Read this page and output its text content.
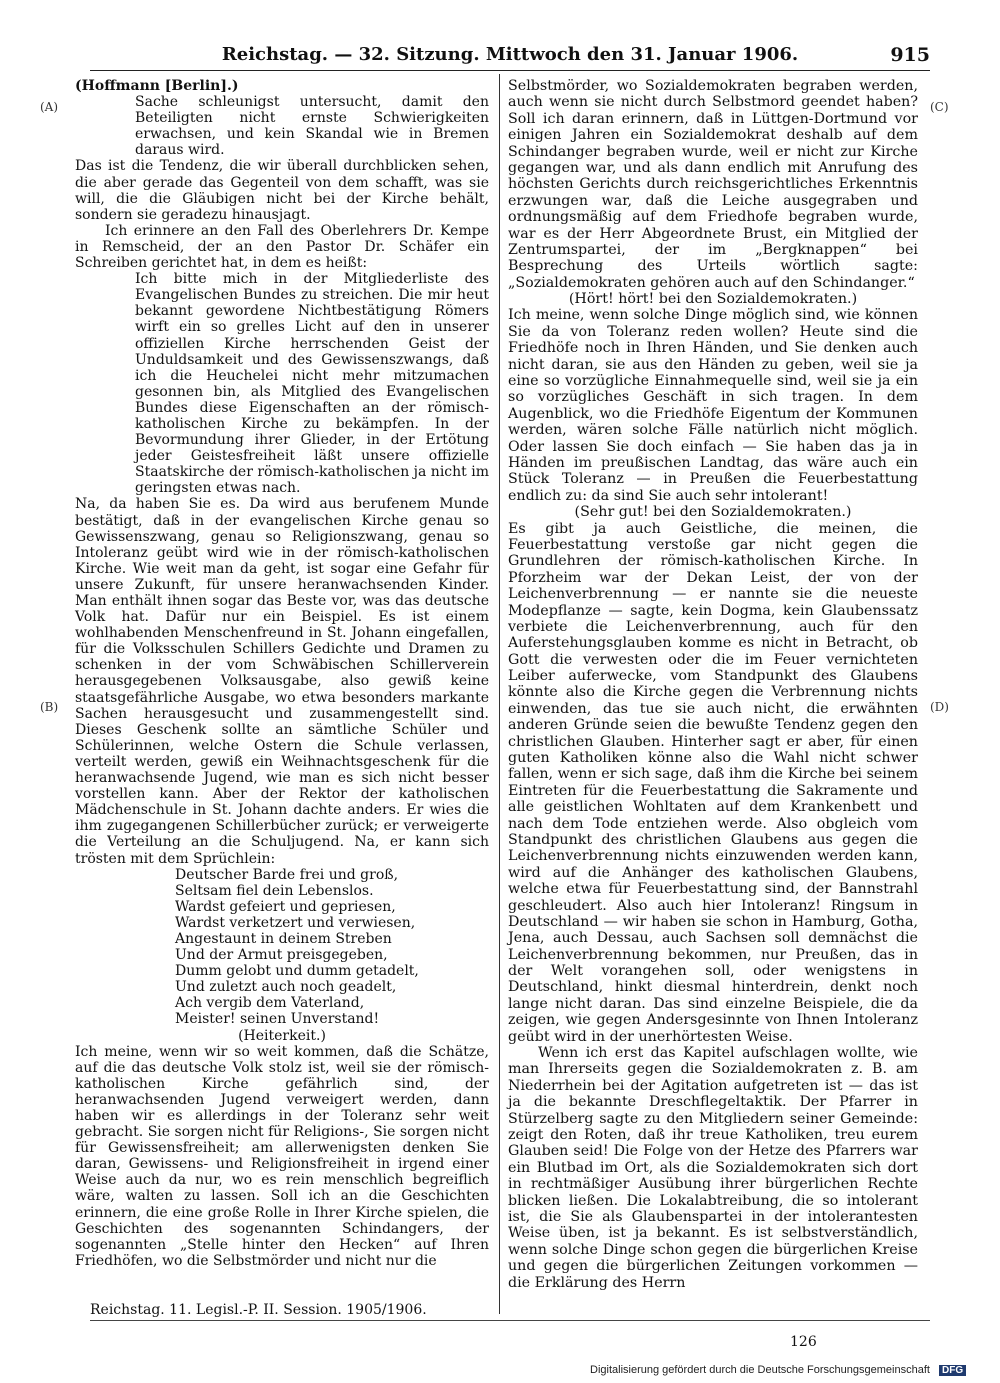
Reichstag. — 32. Sitzung. Mittwoch den 31. Januar 1906.	915
(A)
(B)
(C)
(D)

(Hoffmann [Berlin].)

Sache schleunigst untersucht, damit den Beteiligten nicht ernste Schwierigkeiten erwachsen, und kein Skandal wie in Bremen daraus wird.

Das ist die Tendenz, die wir überall durchblicken sehen, die aber gerade das Gegenteil von dem schafft, was sie will, die die Gläubigen nicht bei der Kirche behält, sondern sie geradezu hinausjagt.

Ich erinnere an den Fall des Oberlehrers Dr. Kempe in Remscheid, der an den Pastor Dr. Schäfer ein Schreiben gerichtet hat, in dem es heißt:

Ich bitte mich in der Mitgliederliste des Evangelischen Bundes zu streichen. Die mir heut bekannt gewordene Nichtbestätigung Römers wirft ein so grelles Licht auf den in unserer offiziellen Kirche herrschenden Geist der Unduldsamkeit und des Gewissenszwangs, daß ich die Heuchelei nicht mehr mitzumachen gesonnen bin, als Mitglied des Evangelischen Bundes diese Eigenschaften an der römisch-katholischen Kirche zu bekämpfen. In der Bevormundung ihrer Glieder, in der Ertötung jeder Geistesfreiheit läßt unsere offizielle Staatskirche der römisch-katholischen ja nicht im geringsten etwas nach.

Na, da haben Sie es. Da wird aus berufenem Munde bestätigt, daß in der evangelischen Kirche genau so Gewissenszwang, genau so Religionszwang, genau so Intoleranz geübt wird wie in der römisch-katholischen Kirche. Wie weit man da geht, ist sogar eine Gefahr für unsere Zukunft, für unsere heranwachsenden Kinder. Man enthält ihnen sogar das Beste vor, was das deutsche Volk hat. Dafür nur ein Beispiel. Es ist einem wohlhabenden Menschenfreund in St. Johann eingefallen, für die Volksschulen Schillers Gedichte und Dramen zu schenken in der vom Schwäbischen Schillerverein herausgegebenen Volksausgabe, also gewiß keine staatsgefährliche Ausgabe, wo etwa besonders markante Sachen herausgesucht und zusammengestellt sind. Dieses Geschenk sollte an sämtliche Schüler und Schülerinnen, welche Ostern die Schule verlassen, verteilt werden, gewiß ein Weihnachtsgeschenk für die heranwachsende Jugend, wie man es sich nicht besser vorstellen kann. Aber der Rektor der katholischen Mädchenschule in St. Johann dachte anders. Er wies die ihm zugegangenen Schillerbücher zurück; er verweigerte die Verteilung an die Schuljugend. Na, er kann sich trösten mit dem Sprüchlein:

Deutscher Barde frei und groß,

Seltsam fiel dein Lebenslos.

Wardst gefeiert und gepriesen,

Wardst verketzert und verwiesen,

Angestaunt in deinem Streben

Und der Armut preisgegeben,

Dumm gelobt und dumm getadelt,

Und zuletzt auch noch geadelt,

Ach vergib dem Vaterland,

Meister! seinen Unverstand!

(Heiterkeit.)

Ich meine, wenn wir so weit kommen, daß die Schätze, auf die das deutsche Volk stolz ist, weil sie der römisch-katholischen Kirche gefährlich sind, der heranwachsenden Jugend verweigert werden, dann haben wir es allerdings in der Toleranz sehr weit gebracht. Sie sorgen nicht für Religions-, Sie sorgen nicht für Gewissensfreiheit; am allerwenigsten denken Sie daran, Gewissens- und Religionsfreiheit in irgend einer Weise auch da nur, wo es rein menschlich begreiflich wäre, walten zu lassen. Soll ich an die Geschichten erinnern, die eine große Rolle in Ihrer Kirche spielen, die Geschichten des sogenannten Schindangers, der sogenannten „Stelle hinter den Hecken“ auf Ihren Friedhöfen, wo die Selbstmörder und nicht nur die

Selbstmörder, wo Sozialdemokraten begraben werden, auch wenn sie nicht durch Selbstmord geendet haben? Soll ich daran erinnern, daß in Lüttgen-Dortmund vor einigen Jahren ein Sozialdemokrat deshalb auf dem Schindanger begraben wurde, weil er nicht zur Kirche gegangen war, und als dann endlich mit Anrufung des höchsten Gerichts durch reichsgerichtliches Erkenntnis erzwungen war, daß die Leiche ausgegraben und ordnungsmäßig auf dem Friedhofe begraben wurde, war es der Herr Abgeordnete Brust, ein Mitglied der Zentrumspartei, der im „Bergknappen“ bei Besprechung des Urteils wörtlich sagte: „Sozialdemokraten gehören auch auf den Schindanger.“

(Hört! hört! bei den Sozialdemokraten.)

Ich meine, wenn solche Dinge möglich sind, wie können Sie da von Toleranz reden wollen? Heute sind die Friedhöfe noch in Ihren Händen, und Sie denken auch nicht daran, sie aus den Händen zu geben, weil sie ja eine so vorzügliche Einnahmequelle sind, weil sie ja ein so vorzügliches Geschäft in sich tragen. In dem Augenblick, wo die Friedhöfe Eigentum der Kommunen werden, wären solche Fälle natürlich nicht möglich. Oder lassen Sie doch einfach — Sie haben das ja in Händen im preußischen Landtag, das wäre auch ein Stück Toleranz — in Preußen die Feuerbestattung endlich zu: da sind Sie auch sehr intolerant!

(Sehr gut! bei den Sozialdemokraten.)

Es gibt ja auch Geistliche, die meinen, die Feuerbestattung verstoße gar nicht gegen die Grundlehren der römisch-katholischen Kirche. In Pforzheim war der Dekan Leist, der von der Leichenverbrennung — er nannte sie die neueste Modepflanze — sagte, kein Dogma, kein Glaubenssatz verbiete die Leichenverbrennung, auch für den Auferstehungsglauben komme es nicht in Betracht, ob Gott die verwesten oder die im Feuer vernichteten Leiber auferwecke, vom Standpunkt des Glaubens könnte also die Kirche gegen die Verbrennung nichts einwenden, das tue sie auch nicht, die erwähnten anderen Gründe seien die bewußte Tendenz gegen den christlichen Glauben. Hinterher sagt er aber, für einen guten Katholiken könne also die Wahl nicht schwer fallen, wenn er sich sage, daß ihm die Kirche bei seinem Eintreten für die Feuerbestattung die Sakramente und alle geistlichen Wohltaten auf dem Krankenbett und nach dem Tode entziehen werde. Also obgleich vom Standpunkt des christlichen Glaubens aus gegen die Leichenverbrennung nichts einzuwenden werden kann, wird auf die Anhänger des katholischen Glaubens, welche etwa für Feuerbestattung sind, der Bannstrahl geschleudert. Also auch hier Intoleranz! Ringsum in Deutschland — wir haben sie schon in Hamburg, Gotha, Jena, auch Dessau, auch Sachsen soll demnächst die Leichenverbrennung bekommen, nur Preußen, das in der Welt vorangehen soll, oder wenigstens in Deutschland, hinkt diesmal hinterdrein, denkt noch lange nicht daran. Das sind einzelne Beispiele, die da zeigen, wie gegen Andersgesinnte von Ihnen Intoleranz geübt wird in der unerhörtesten Weise.

Wenn ich erst das Kapitel aufschlagen wollte, wie man Ihrerseits gegen die Sozialdemokraten z. B. am Niederrhein bei der Agitation aufgetreten ist — das ist ja die bekannte Dreschflegeltaktik. Der Pfarrer in Stürzelberg sagte zu den Mitgliedern seiner Gemeinde: zeigt den Roten, daß ihr treue Katholiken, treu eurem Glauben seid! Die Folge von der Hetze des Pfarrers war ein Blutbad im Ort, als die Sozialdemokraten sich dort in rechtmäßiger Ausübung ihrer bürgerlichen Rechte blicken ließen. Die Lokalabtreibung, die so intolerant ist, die Sie als Glaubenspartei in der intolerantesten Weise üben, ist ja bekannt. Es ist selbstverständlich, wenn solche Dinge schon gegen die bürgerlichen Kreise und gegen die bürgerlichen Zeitungen vorkommen — die Erklärung des Herrn

Reichstag. 11. Legisl.-P. II. Session. 1905/1906.
126
Digitalisierung gefördert durch die Deutsche Forschungsgemeinschaft DFG
